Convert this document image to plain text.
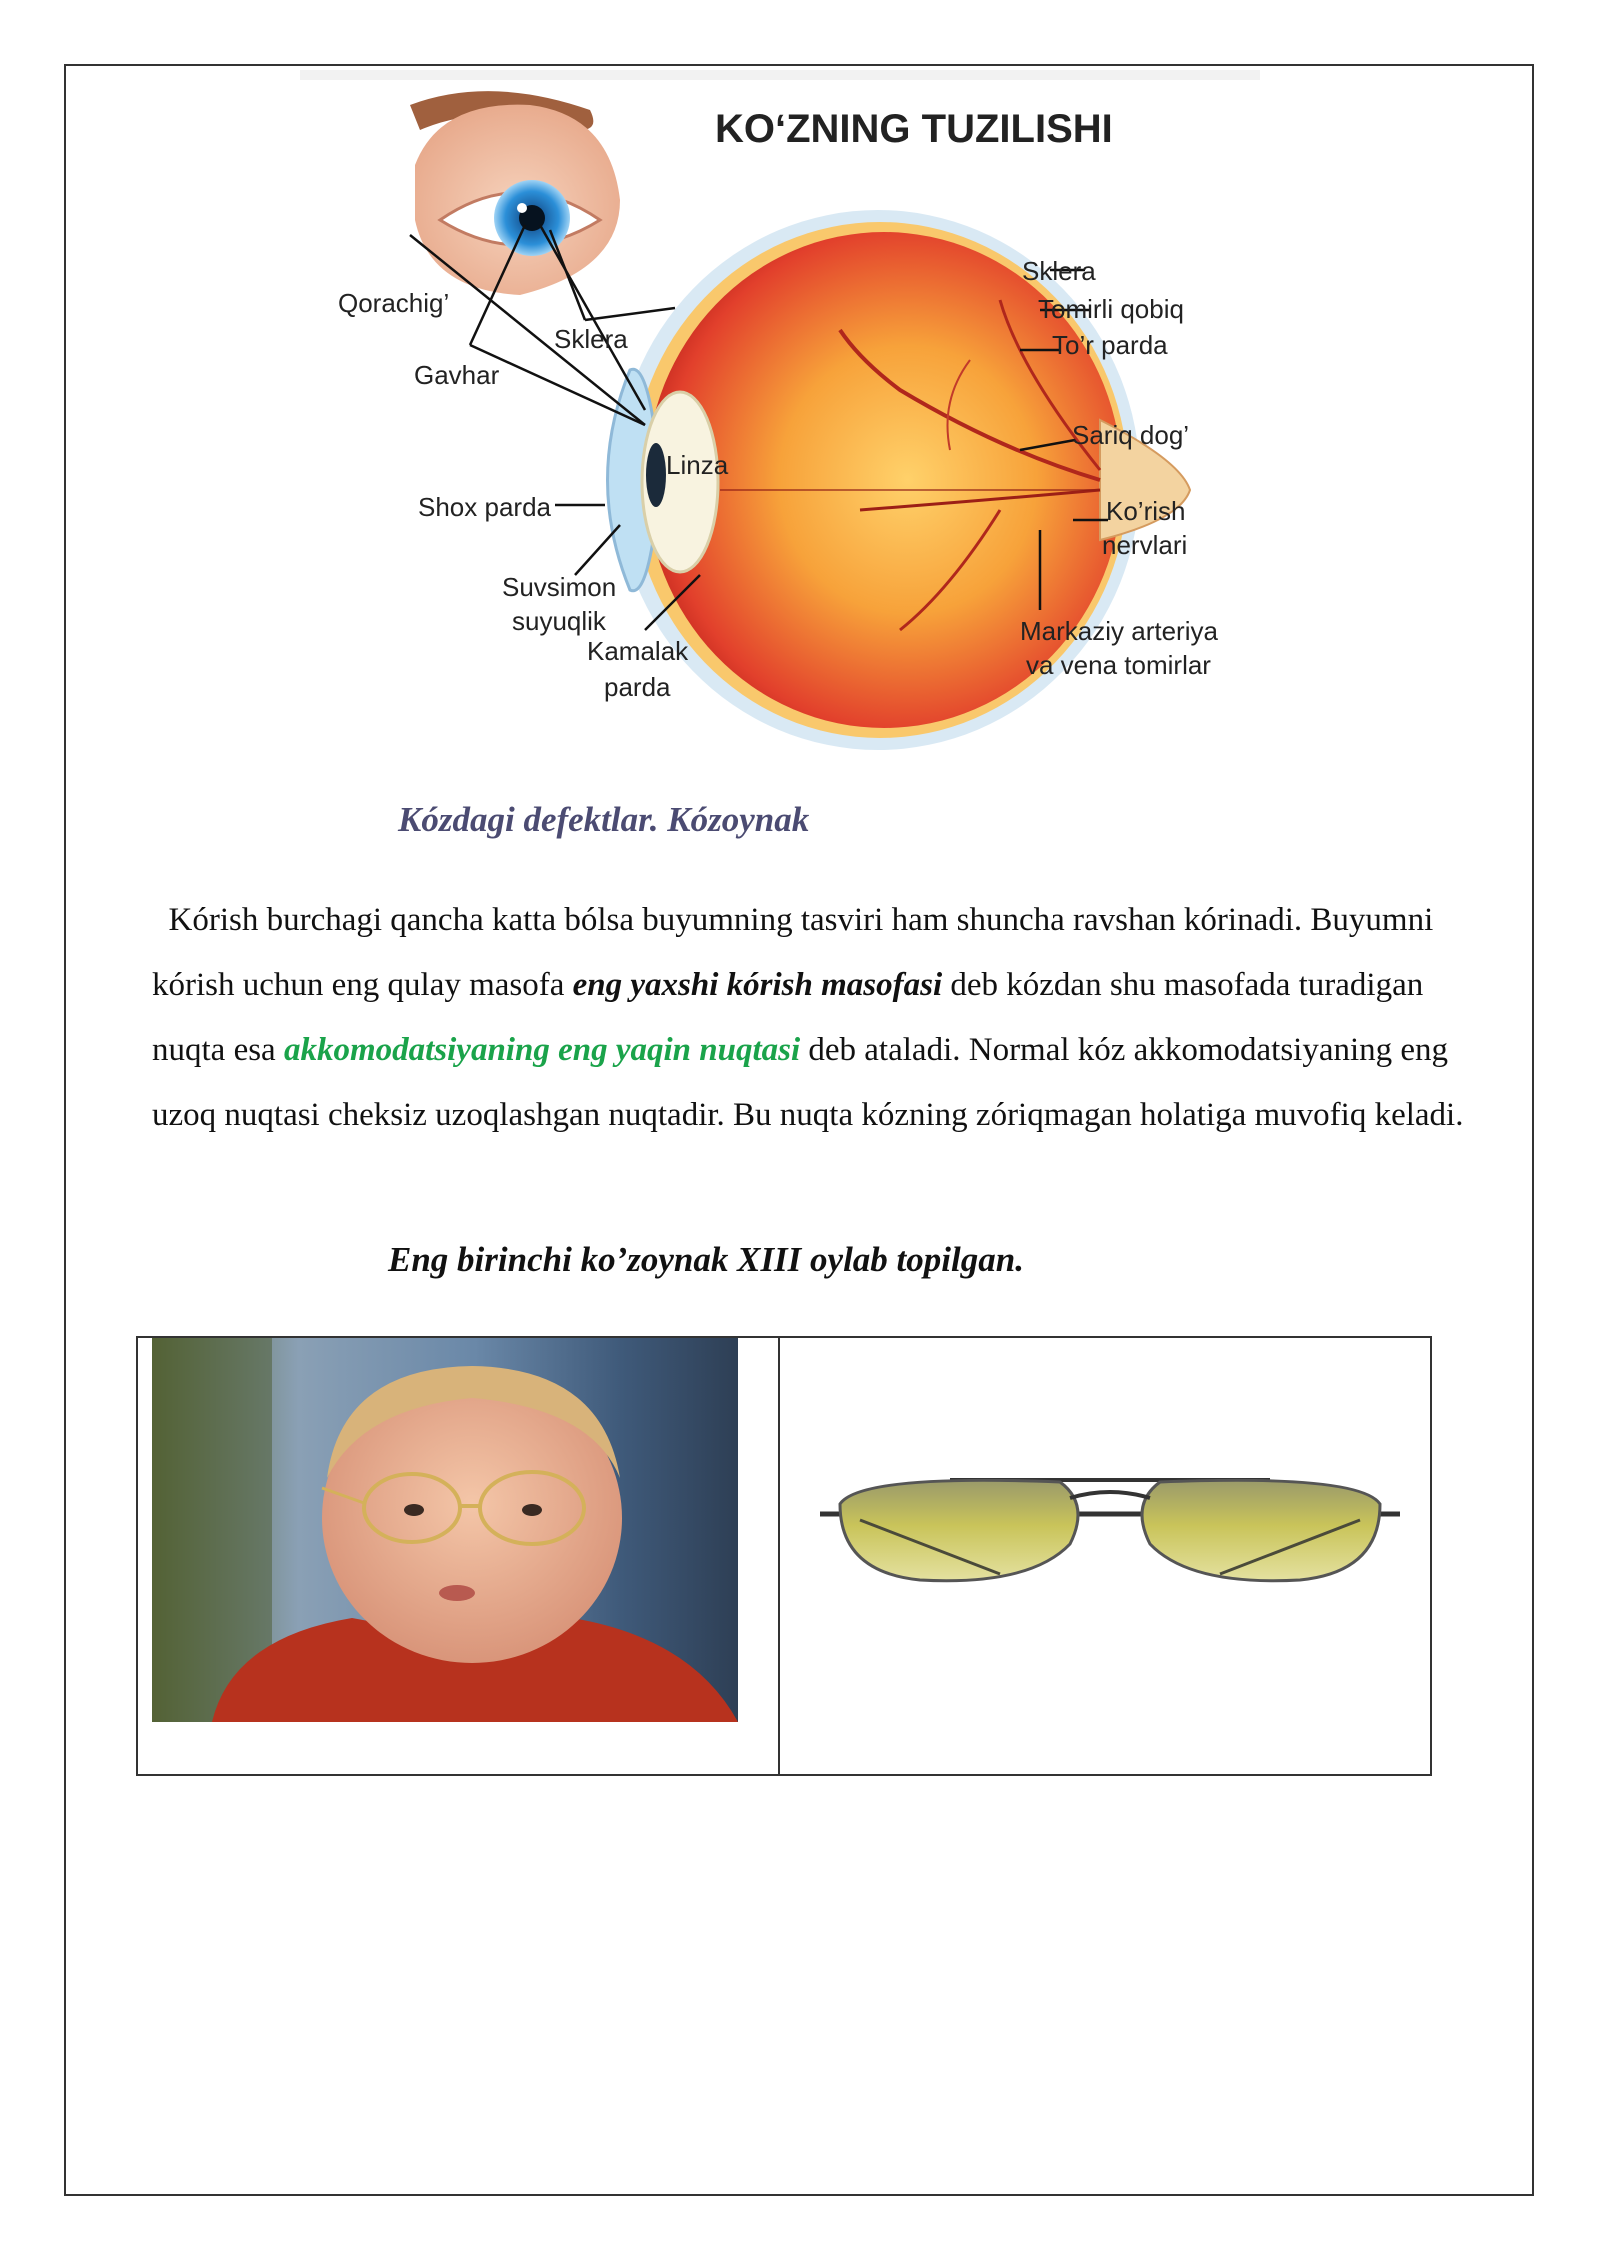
KO‘ZNING TUZILISHI
Qorachig’
Sklera
Gavhar
Linza
Shox parda
Suvsimon
suyuqlik
Kamalak
parda
Sklera
Tomirli qobiq
To’r parda
Sariq dog’
Ko’rish
nervlari
Markaziy arteriya
va vena tomirlar
Kózdagi defektlar. Kózoynak
Kórish burchagi qancha katta bólsa buyumning tasviri ham shuncha ravshan kórinadi. Buyumni kórish uchun eng qulay masofa eng yaxshi kórish masofasi deb kózdan shu masofada turadigan nuqta esa akkomodatsiyaning eng yaqin nuqtasi deb ataladi. Normal kóz akkomodatsiyaning eng uzoq nuqtasi cheksiz uzoqlashgan nuqtadir. Bu nuqta kózning zóriqmagan holatiga muvofiq keladi.
Eng birinchi ko’zoynak XIII oylab topilgan.
